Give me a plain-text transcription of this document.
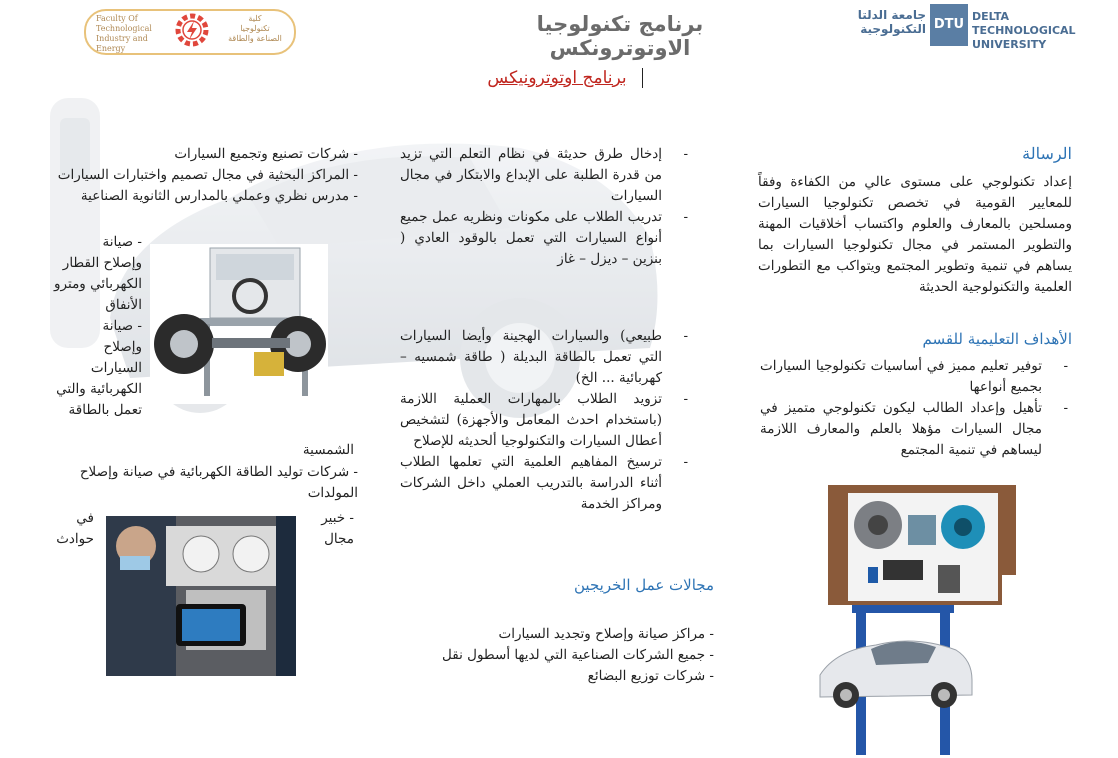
برنامج تكنولوجيا الاوتوترونكس
جامعة الدلتا
التكنولوجية DTU
DELTA TECHNOLOGICAL
UNIVERSITY
Faculty Of
Technological
Industry and Energy
كلية
تكنولوجيا
الصناعة والطاقة
برنامج اوتوترونيكس
الرسالة
إعداد تكنولوجي على مستوى عالي من الكفاءة وفقاً للمعايير القومية في تخصص تكنولوجيا السيارات ومسلحين بالمعارف والعلوم واكتساب أخلاقيات المهنة والتطوير المستمر في مجال تكنولوجيا السيارات بما يساهم في تنمية وتطوير المجتمع ويتواكب مع التطورات العلمية والتكنولوجية الحديثة
الأهداف التعليمية للقسم
- توفير تعليم مميز في أساسيات تكنولوجيا السيارات بجميع أنواعها
- تأهيل وإعداد الطالب ليكون تكنولوجي متميز في مجال السيارات مؤهلا بالعلم والمعارف اللازمة ليساهم في تنمية المجتمع
- إدخال طرق حديثة في نظام التعلم التي تزيد من قدرة الطلبة على الإبداع والابتكار في مجال السيارات
- تدريب الطلاب على مكونات ونظريه عمل جميع أنواع السيارات التي تعمل بالوقود العادي ( بنزين – ديزل – غاز
- طبيعي) والسيارات الهجينة وأيضا السيارات التي تعمل بالطاقة البديلة ( طاقة شمسيه – كهربائية ... الخ)
- تزويد الطلاب بالمهارات العملية اللازمة (باستخدام احدث المعامل والأجهزة) لتشخيص أعطال السيارات والتكنولوجيا ألحديثه للإصلاح
- ترسيخ المفاهيم العلمية التي تعلمها الطلاب أثناء الدراسة بالتدريب العملي داخل الشركات ومراكز الخدمة
مجالات عمل الخريجين
- مراكز صيانة وإصلاح وتجديد السيارات
- جميع الشركات الصناعية التي لديها أسطول نقل
- شركات توزيع البضائع
- شركات تصنيع وتجميع السيارات
- المراكز البحثية في مجال تصميم واختبارات السيارات
- مدرس نظري وعملي بالمدارس الثانوية الصناعية
- صيانة
وإصلاح القطار
الكهربائي ومترو
الأنفاق
- صيانة
وإصلاح
السيارات
الكهربائية والتي
تعمل بالطاقة
الشمسية
- شركات توليد الطاقة الكهربائية في صيانة وإصلاح المولدات
- خبير
مجال
في
حوادث
